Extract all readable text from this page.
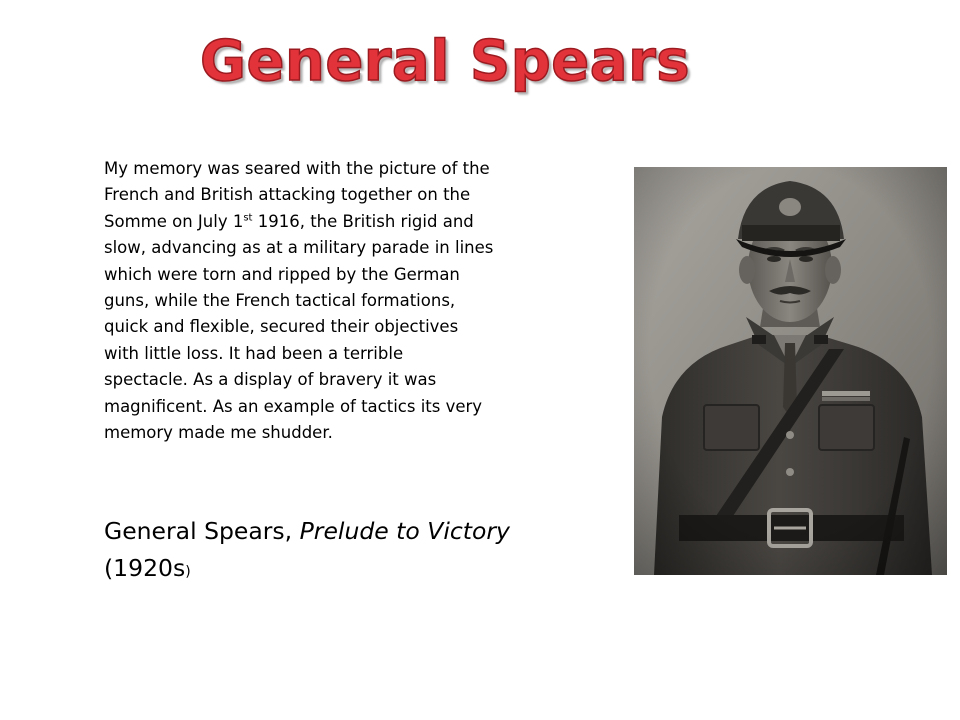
General Spears

My memory was seared with the picture of the
French and British attacking together on the
Somme on July 1st 1916, the British rigid and
slow, advancing as at a military parade in lines
which were torn and ripped by the German
guns, while the French tactical formations,
quick and flexible, secured their objectives
with little loss. It had been a terrible
spectacle. As a display of bravery it was
magnificent. As an example of tactics its very
memory made me shudder.

General Spears, Prelude to Victory
(1920s)
